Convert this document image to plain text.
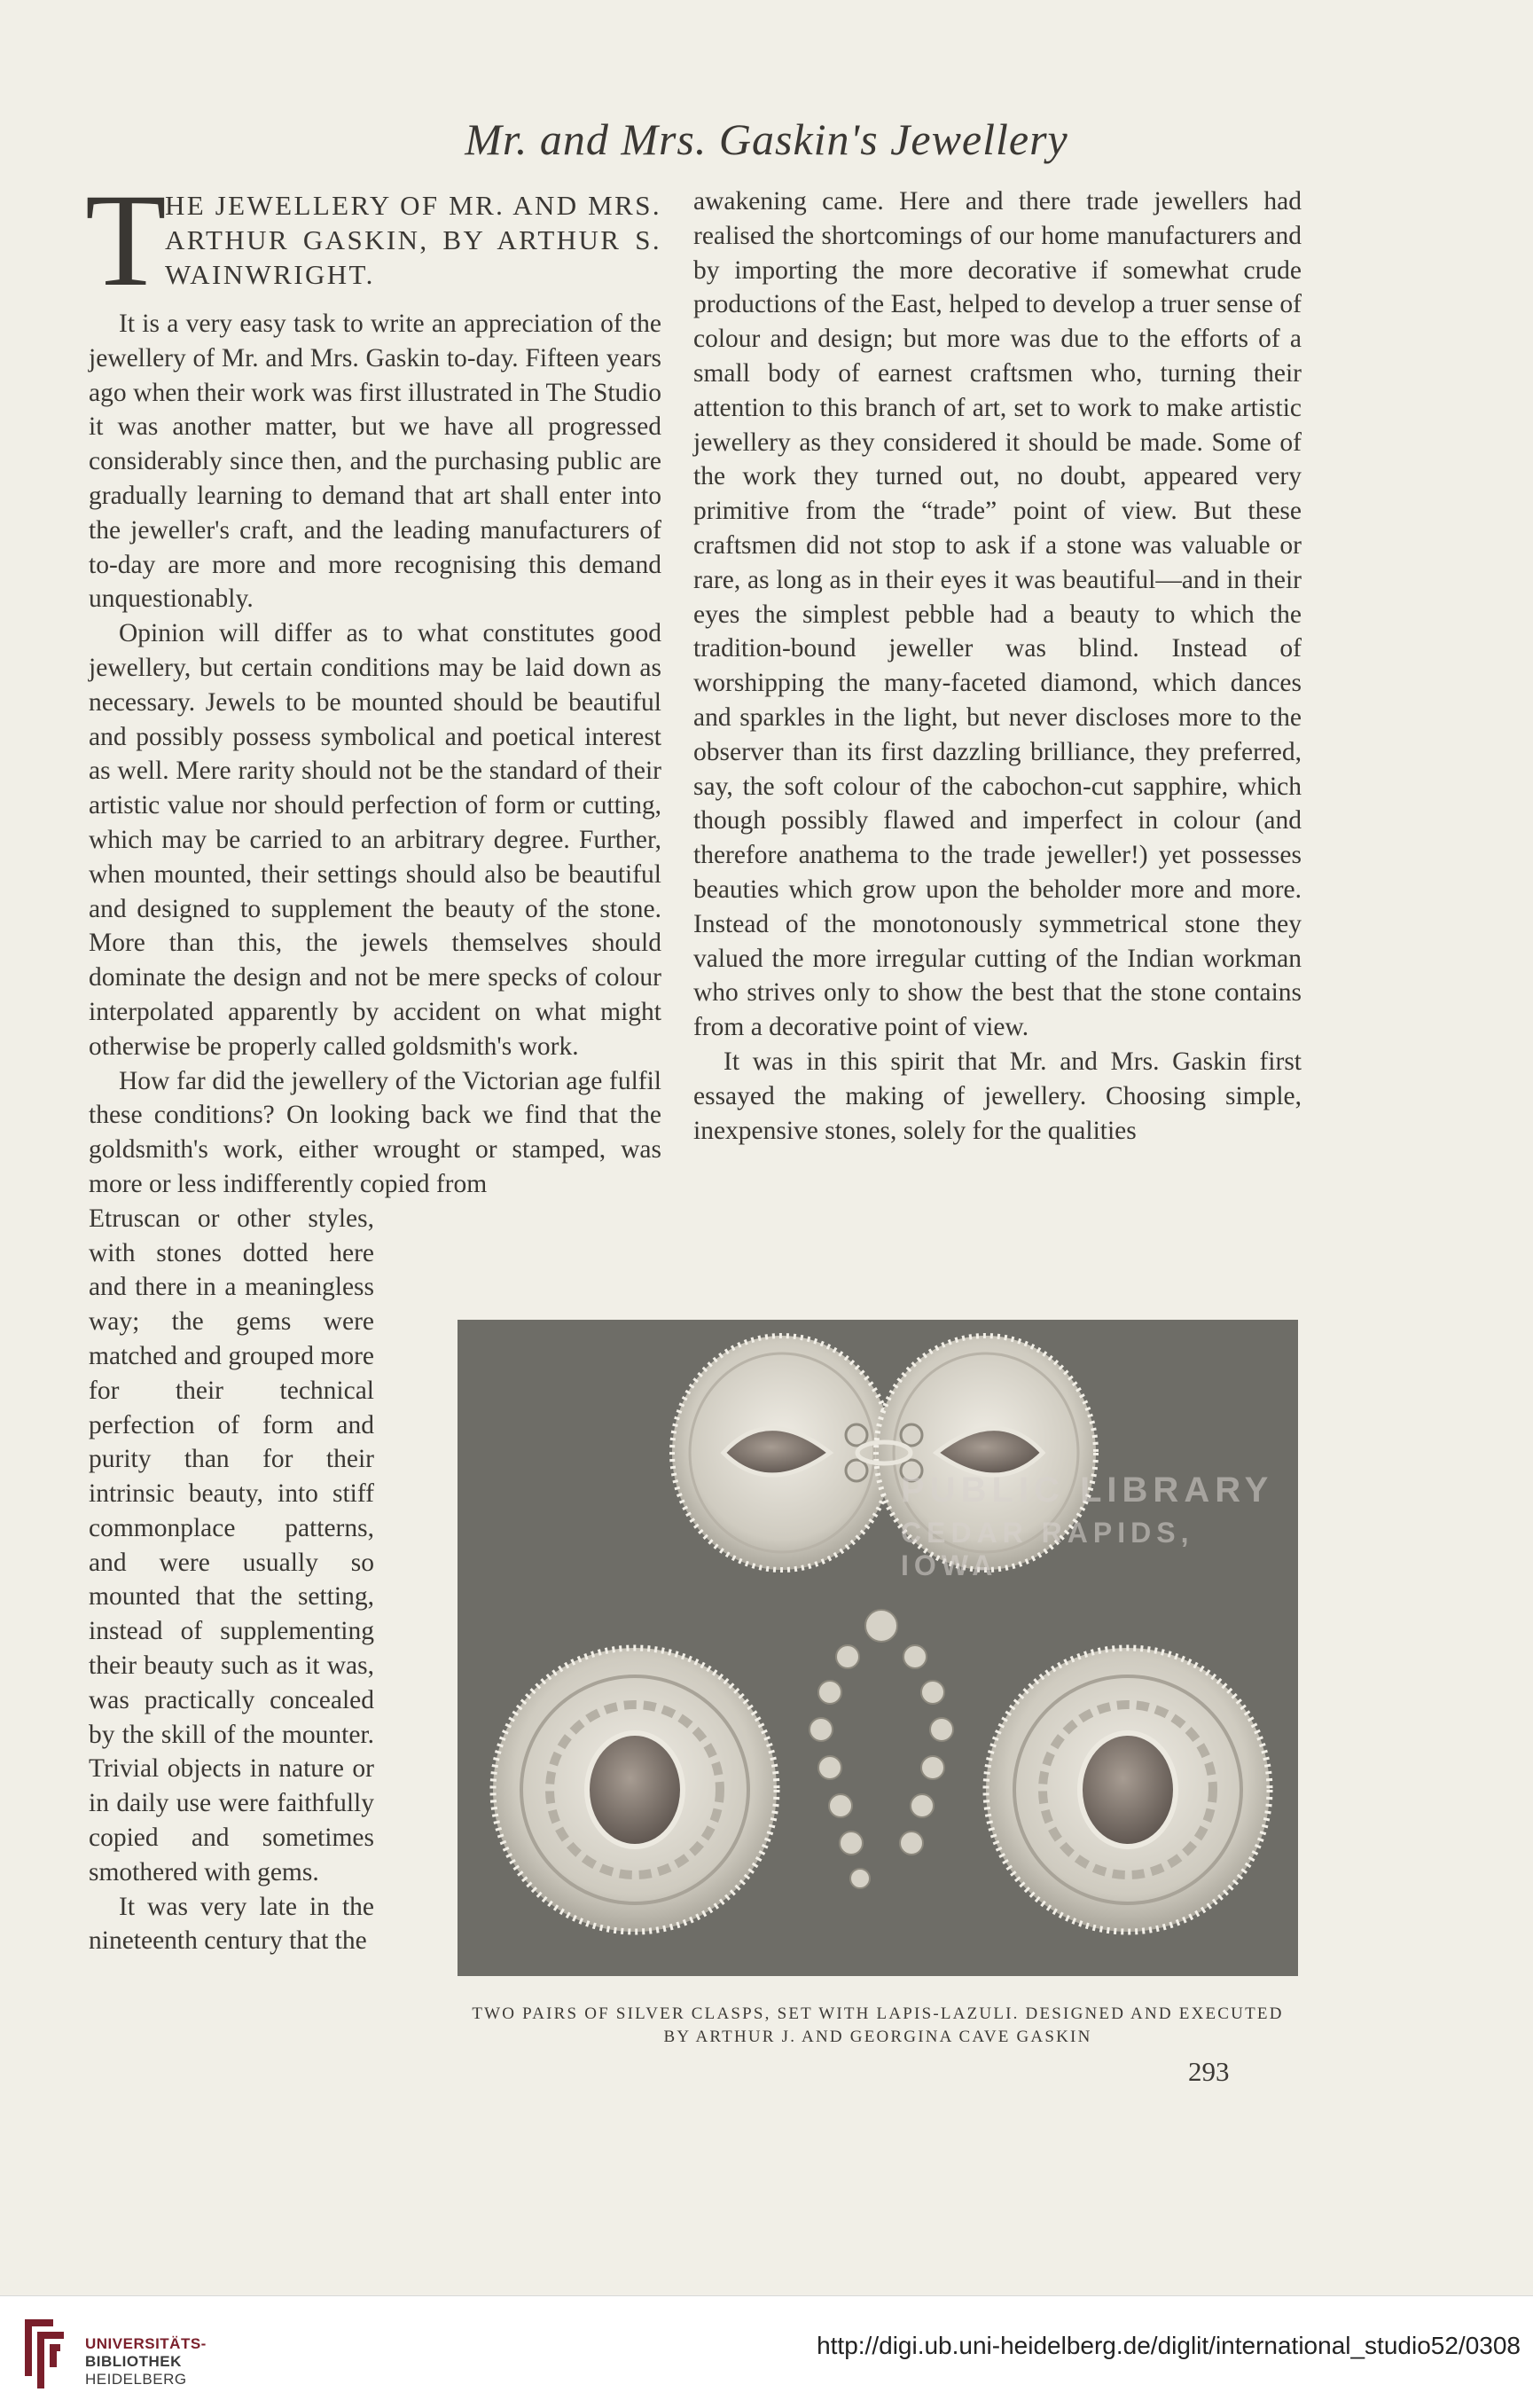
Mr. and Mrs. Gaskin's Jewellery
T
HE JEWELLERY OF MR. AND MRS. ARTHUR GASKIN, BY ARTHUR S. WAINWRIGHT.

It is a very easy task to write an appreciation of the jewellery of Mr. and Mrs. Gaskin to-day. Fifteen years ago when their work was first illustrated in The Studio it was another matter, but we have all progressed considerably since then, and the purchasing public are gradually learning to demand that art shall enter into the jeweller's craft, and the leading manufacturers of to-day are more and more recognising this demand unquestionably.

Opinion will differ as to what constitutes good jewellery, but certain conditions may be laid down as necessary. Jewels to be mounted should be beautiful and possibly possess symbolical and poetical interest as well. Mere rarity should not be the standard of their artistic value nor should perfection of form or cutting, which may be carried to an arbitrary degree. Further, when mounted, their settings should also be beautiful and designed to supplement the beauty of the stone. More than this, the jewels themselves should dominate the design and not be mere specks of colour interpolated apparently by accident on what might otherwise be properly called goldsmith's work.

How far did the jewellery of the Victorian age fulfil these conditions? On looking back we find that the goldsmith's work, either wrought or stamped, was more or less indifferently copied from

Etruscan or other styles, with stones dotted here and there in a meaningless way; the gems were matched and grouped more for their technical perfection of form and purity than for their intrinsic beauty, into stiff commonplace patterns, and were usually so mounted that the setting, instead of supplementing their beauty such as it was, was practically concealed by the skill of the mounter. Trivial objects in nature or in daily use were faithfully copied and sometimes smothered with gems.

It was very late in the nineteenth century that the

awakening came. Here and there trade jewellers had realised the shortcomings of our home manufacturers and by importing the more decorative if somewhat crude productions of the East, helped to develop a truer sense of colour and design; but more was due to the efforts of a small body of earnest craftsmen who, turning their attention to this branch of art, set to work to make artistic jewellery as they considered it should be made. Some of the work they turned out, no doubt, appeared very primitive from the “trade” point of view. But these craftsmen did not stop to ask if a stone was valuable or rare, as long as in their eyes it was beautiful—and in their eyes the simplest pebble had a beauty to which the tradition-bound jeweller was blind. Instead of worshipping the many-faceted diamond, which dances and sparkles in the light, but never discloses more to the observer than its first dazzling brilliance, they preferred, say, the soft colour of the cabochon-cut sapphire, which though possibly flawed and imperfect in colour (and therefore anathema to the trade jeweller!) yet possesses beauties which grow upon the beholder more and more. Instead of the monotonously symmetrical stone they valued the more irregular cutting of the Indian workman who strives only to show the best that the stone contains from a decorative point of view.

It was in this spirit that Mr. and Mrs. Gaskin first essayed the making of jewellery. Choosing simple, inexpensive stones, solely for the qualities

PUBLIC LIBRARY
CEDAR RAPIDS, IOWA
TWO PAIRS OF SILVER CLASPS, SET WITH LAPIS-LAZULI. DESIGNED AND EXECUTED BY ARTHUR J. AND GEORGINA CAVE GASKIN
293
UNIVERSITÄTS-
BIBLIOTHEK
HEIDELBERG
http://digi.ub.uni-heidelberg.de/diglit/international_studio52/0308
